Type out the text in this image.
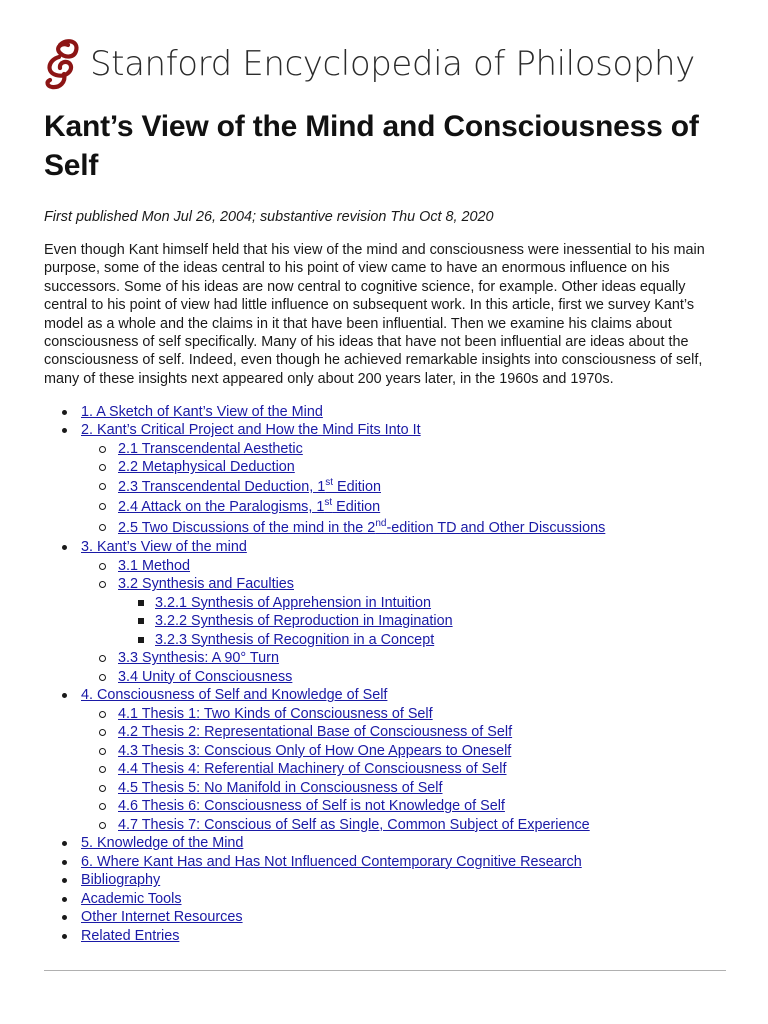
Stanford Encyclopedia of Philosophy
Kant’s View of the Mind and Consciousness of Self
First published Mon Jul 26, 2004; substantive revision Thu Oct 8, 2020

Even though Kant himself held that his view of the mind and consciousness were inessential to his main purpose, some of the ideas central to his point of view came to have an enormous influence on his successors. Some of his ideas are now central to cognitive science, for example. Other ideas equally central to his point of view had little influence on subsequent work. In this article, first we survey Kant’s model as a whole and the claims in it that have been influential. Then we examine his claims about consciousness of self specifically. Many of his ideas that have not been influential are ideas about the consciousness of self. Indeed, even though he achieved remarkable insights into consciousness of self, many of these insights next appeared only about 200 years later, in the 1960s and 1970s.

1. A Sketch of Kant’s View of the Mind
2. Kant’s Critical Project and How the Mind Fits Into It
2.1 Transcendental Aesthetic
2.2 Metaphysical Deduction
2.3 Transcendental Deduction, 1st Edition
2.4 Attack on the Paralogisms, 1st Edition
2.5 Two Discussions of the mind in the 2nd-edition TD and Other Discussions
3. Kant’s View of the mind
3.1 Method
3.2 Synthesis and Faculties
3.2.1 Synthesis of Apprehension in Intuition
3.2.2 Synthesis of Reproduction in Imagination
3.2.3 Synthesis of Recognition in a Concept
3.3 Synthesis: A 90° Turn
3.4 Unity of Consciousness
4. Consciousness of Self and Knowledge of Self
4.1 Thesis 1: Two Kinds of Consciousness of Self
4.2 Thesis 2: Representational Base of Consciousness of Self
4.3 Thesis 3: Conscious Only of How One Appears to Oneself
4.4 Thesis 4: Referential Machinery of Consciousness of Self
4.5 Thesis 5: No Manifold in Consciousness of Self
4.6 Thesis 6: Consciousness of Self is not Knowledge of Self
4.7 Thesis 7: Conscious of Self as Single, Common Subject of Experience
5. Knowledge of the Mind
6. Where Kant Has and Has Not Influenced Contemporary Cognitive Research
Bibliography
Academic Tools
Other Internet Resources
Related Entries
